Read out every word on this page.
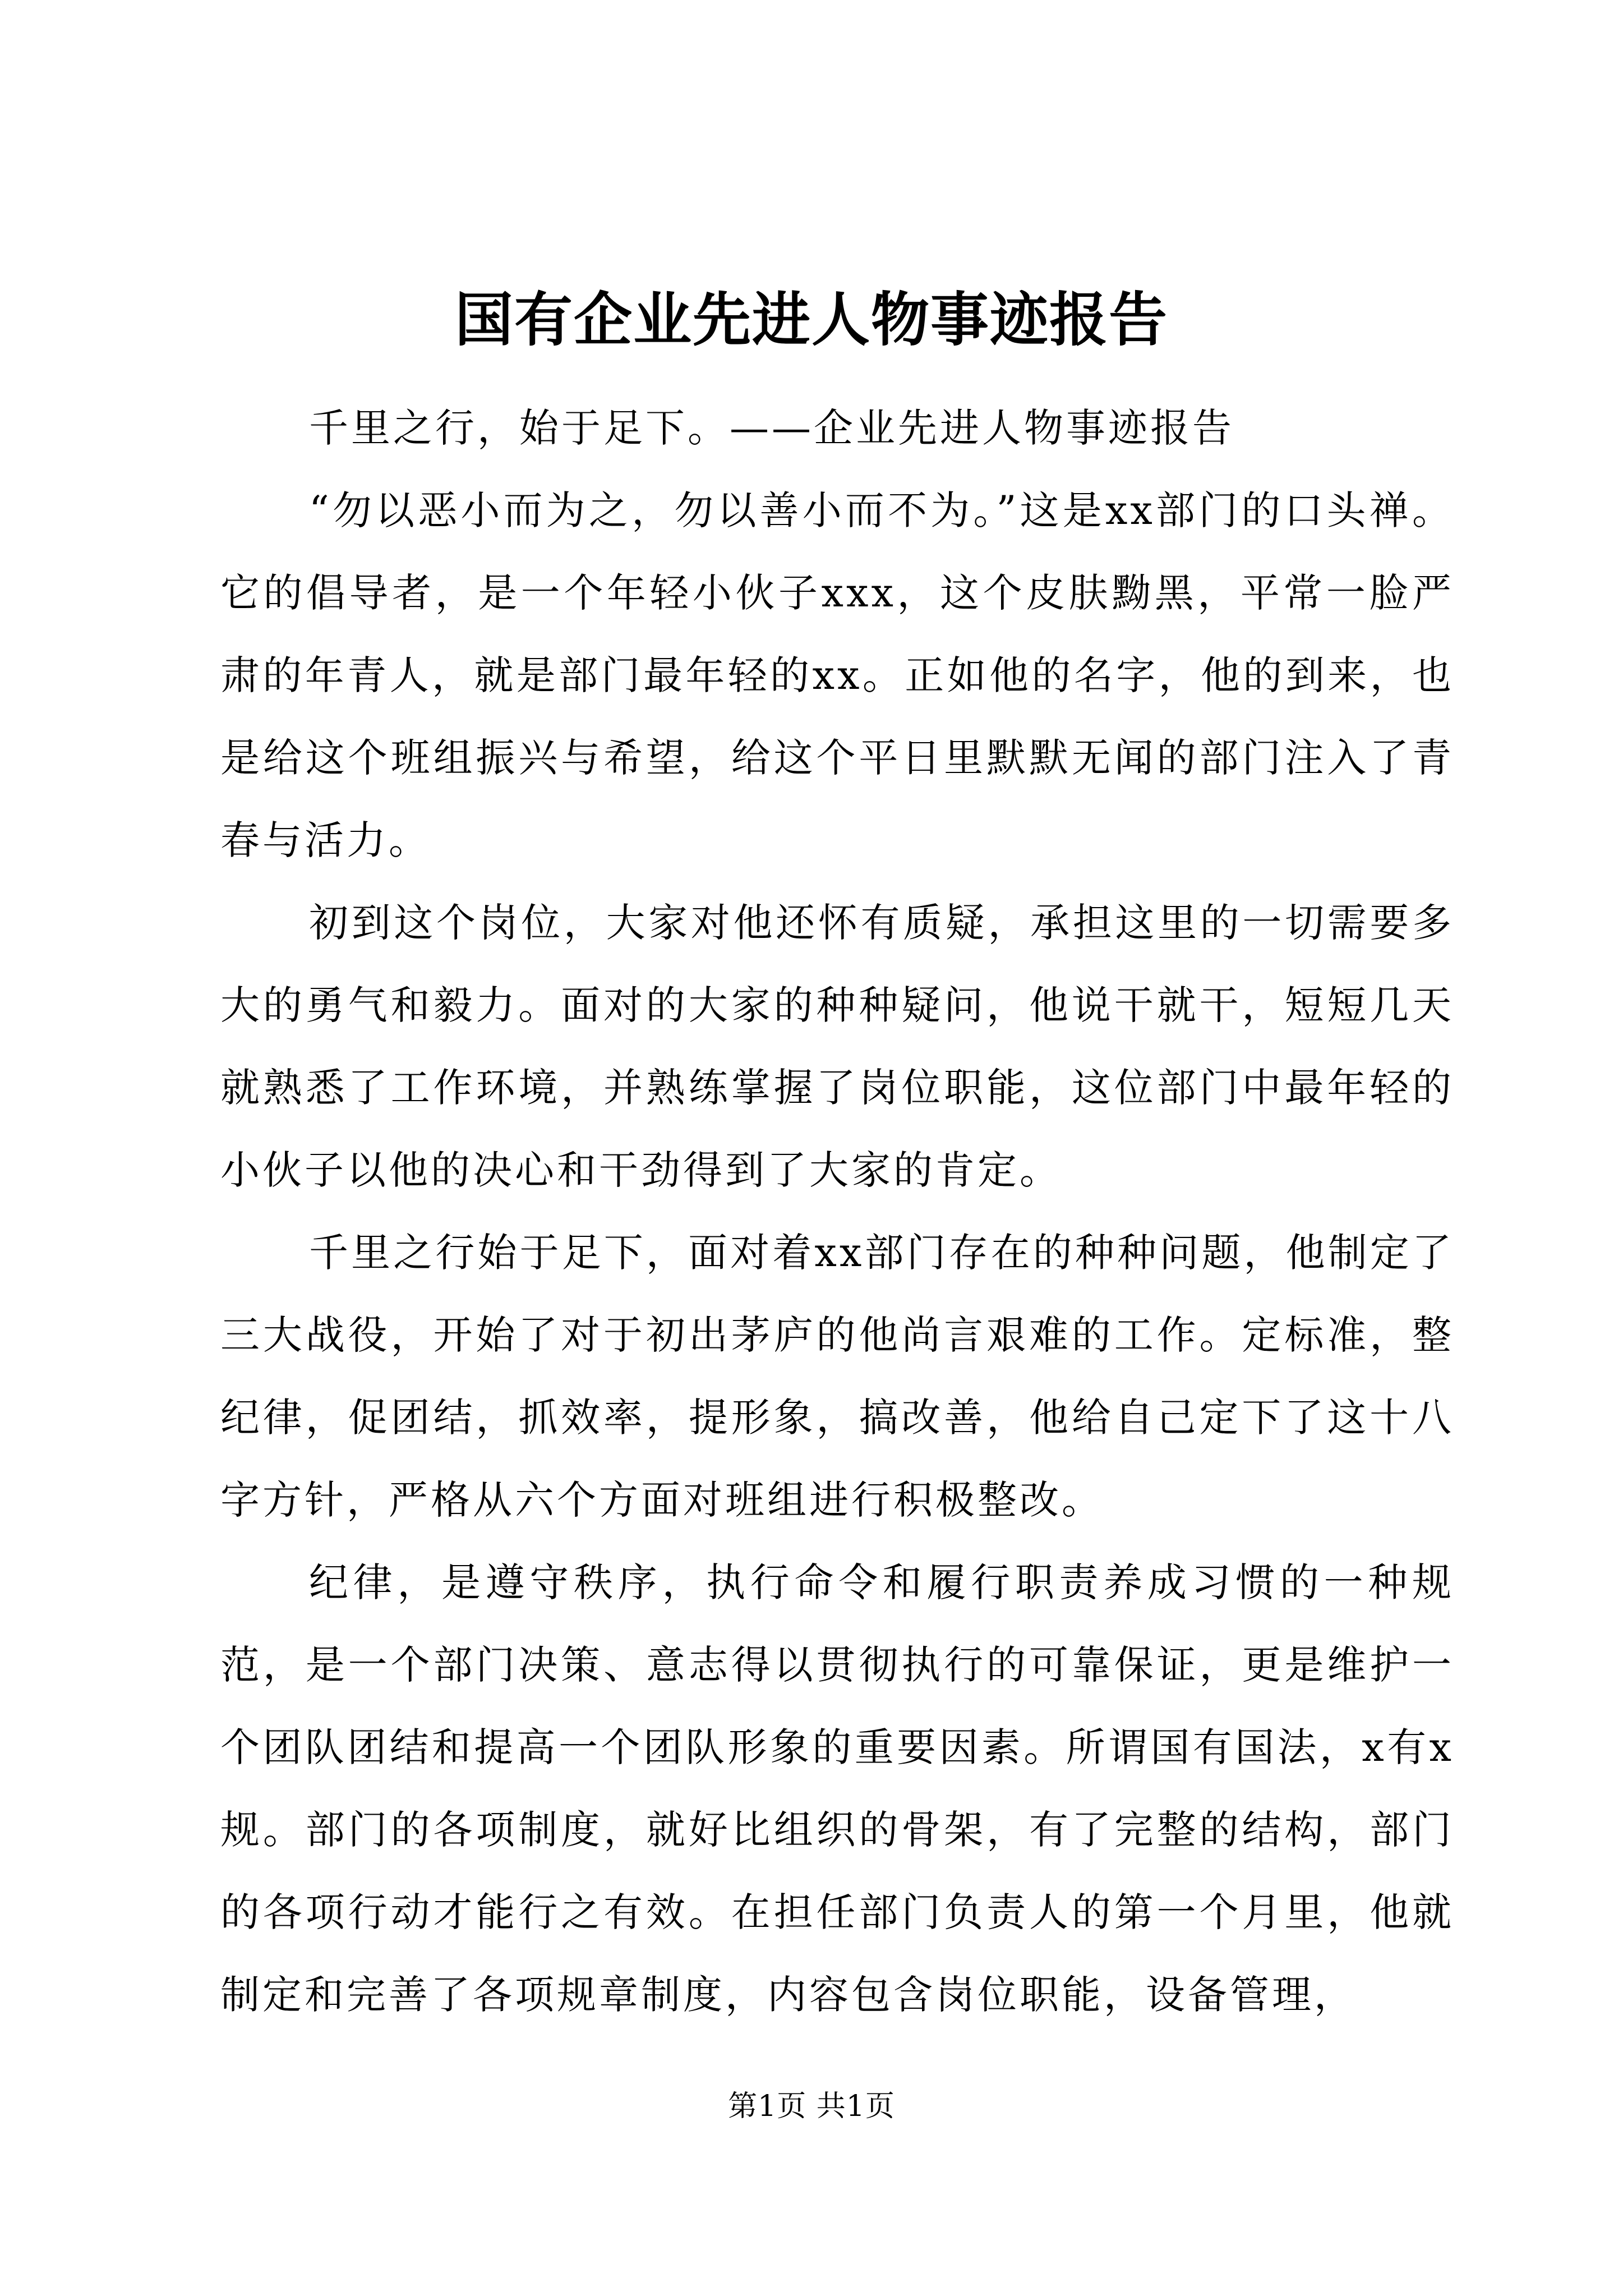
国有企业先进人物事迹报告

千里之行，始于足下。——企业先进人物事迹报告

“勿以恶小而为之，勿以善小而不为。”这是xx部门的口头禅。它的倡导者，是一个年轻小伙子xxx，这个皮肤黝黑，平常一脸严肃的年青人，就是部门最年轻的xx。正如他的名字，他的到来，也是给这个班组振兴与希望，给这个平日里默默无闻的部门注入了青春与活力。

初到这个岗位，大家对他还怀有质疑，承担这里的一切需要多大的勇气和毅力。面对的大家的种种疑问，他说干就干，短短几天就熟悉了工作环境，并熟练掌握了岗位职能，这位部门中最年轻的小伙子以他的决心和干劲得到了大家的肯定。

千里之行始于足下，面对着xx部门存在的种种问题，他制定了三大战役，开始了对于初出茅庐的他尚言艰难的工作。定标准，整纪律，促团结，抓效率，提形象，搞改善，他给自己定下了这十八字方针，严格从六个方面对班组进行积极整改。

纪律，是遵守秩序，执行命令和履行职责养成习惯的一种规范，是一个部门决策、意志得以贯彻执行的可靠保证，更是维护一个团队团结和提高一个团队形象的重要因素。所谓国有国法，x有x规。部门的各项制度，就好比组织的骨架，有了完整的结构，部门的各项行动才能行之有效。在担任部门负责人的第一个月里，他就制定和完善了各项规章制度，内容包含岗位职能，设备管理，

第1页 共1页
